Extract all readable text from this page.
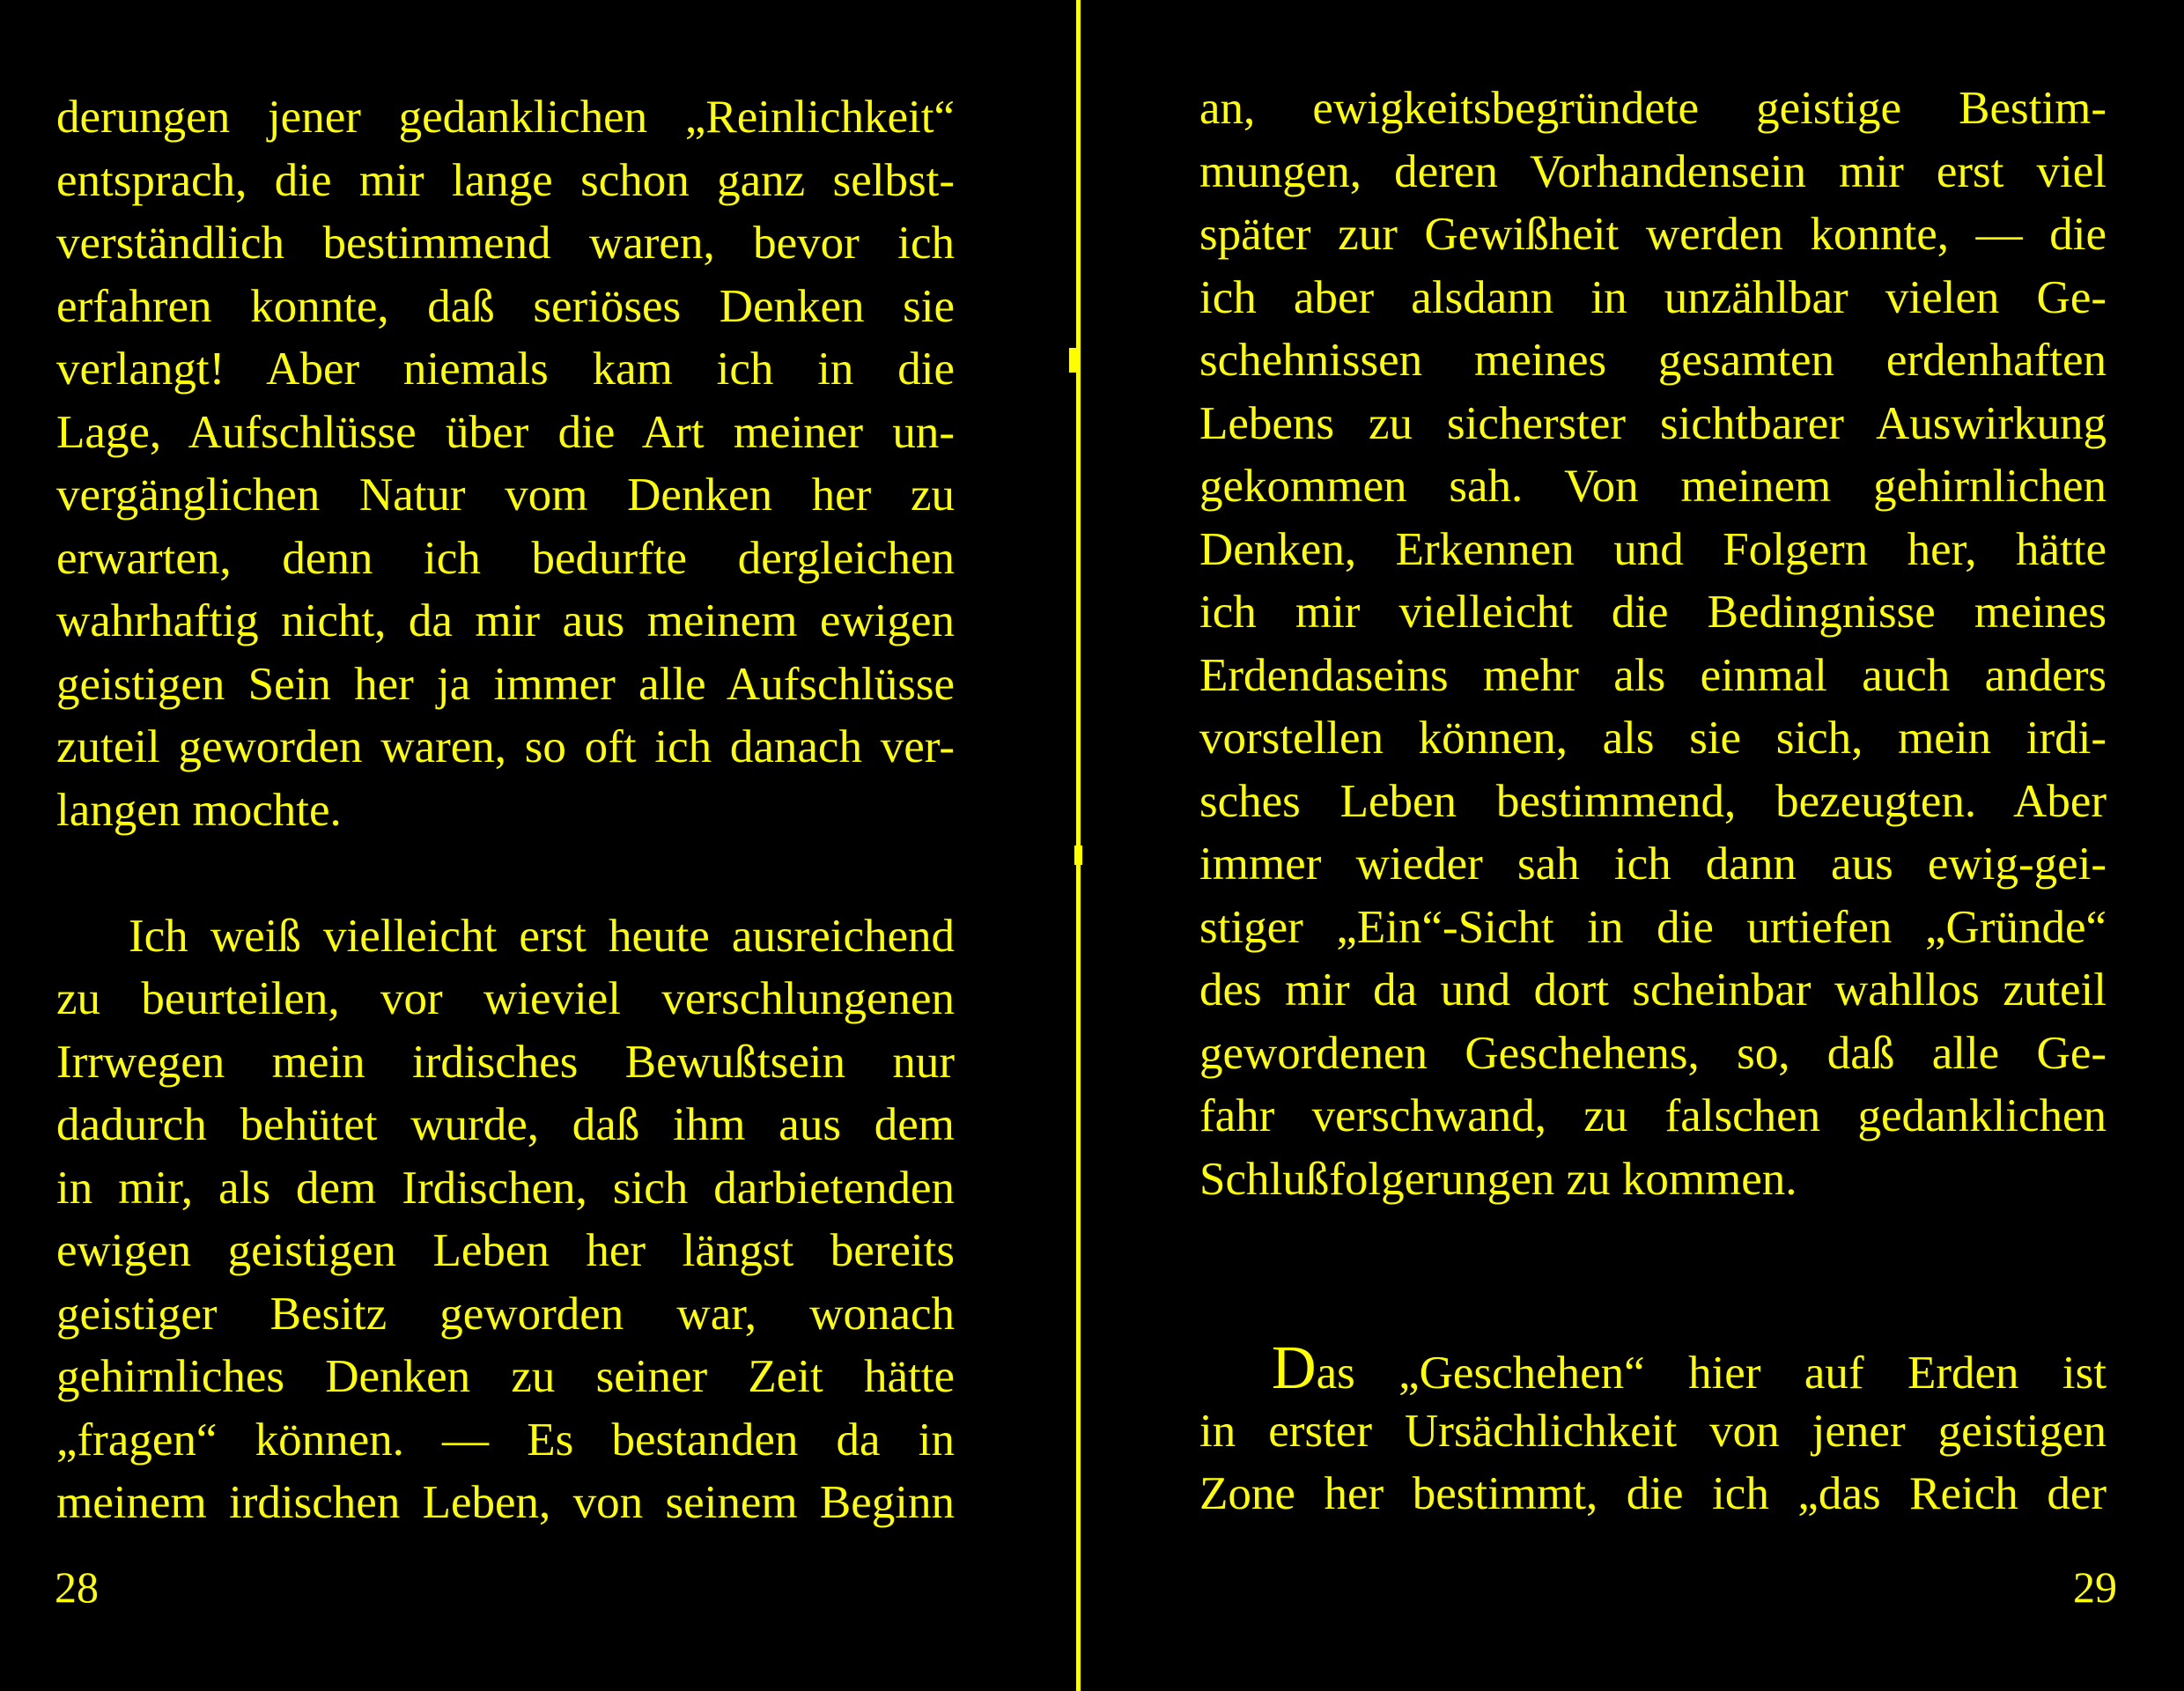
derungen jener gedanklichen „Reinlichkeit“
entsprach, die mir lange schon ganz selbst-
verständlich bestimmend waren, bevor ich
erfahren konnte, daß seriöses Denken sie
verlangt! Aber niemals kam ich in die
Lage, Aufschlüsse über die Art meiner un-
vergänglichen Natur vom Denken her zu
erwarten, denn ich bedurfte dergleichen
wahrhaftig nicht, da mir aus meinem ewigen
geistigen Sein her ja immer alle Aufschlüsse
zuteil geworden waren, so oft ich danach ver-
langen mochte.
Ich weiß vielleicht erst heute ausreichend
zu beurteilen, vor wieviel verschlungenen
Irrwegen mein irdisches Bewußtsein nur
dadurch behütet wurde, daß ihm aus dem
in mir, als dem Irdischen, sich darbietenden
ewigen geistigen Leben her längst bereits
geistiger Besitz geworden war, wonach
gehirnliches Denken zu seiner Zeit hätte
„fragen“ können. — Es bestanden da in
meinem irdischen Leben, von seinem Beginn
28
an, ewigkeitsbegründete geistige Bestim-
mungen, deren Vorhandensein mir erst viel
später zur Gewißheit werden konnte, — die
ich aber alsdann in unzählbar vielen Ge-
schehnissen meines gesamten erdenhaften
Lebens zu sicherster sichtbarer Auswirkung
gekommen sah. Von meinem gehirnlichen
Denken, Erkennen und Folgern her, hätte
ich mir vielleicht die Bedingnisse meines
Erdendaseins mehr als einmal auch anders
vorstellen können, als sie sich, mein irdi-
sches Leben bestimmend, bezeugten. Aber
immer wieder sah ich dann aus ewig-gei-
stiger „Ein“-Sicht in die urtiefen „Gründe“
des mir da und dort scheinbar wahllos zuteil
gewordenen Geschehens, so, daß alle Ge-
fahr verschwand, zu falschen gedanklichen
Schlußfolgerungen zu kommen.
Das „Geschehen“ hier auf Erden ist
in erster Ursächlichkeit von jener geistigen
Zone her bestimmt, die ich „das Reich der
29
